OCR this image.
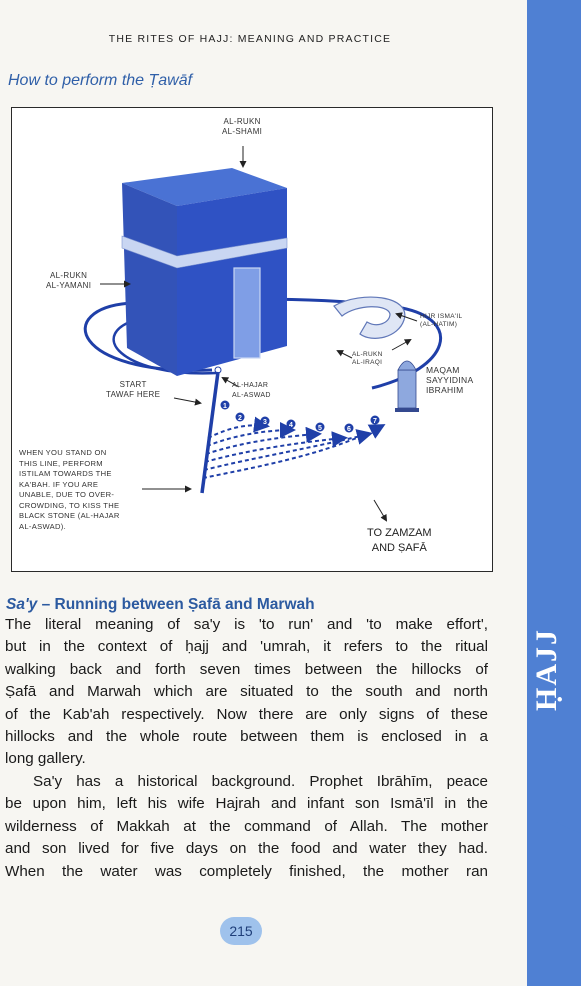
ḤAJJ
THE RITES OF HAJJ: MEANING AND PRACTICE
How to perform the Ṭawāf
1
2
3	4	5	6
7
AL-RUKN
AL-SHAMI
AL-RUKN
AL-YAMANI
HIJR ISMA'IL
(AL-HATIM)
AL-RUKN
AL-IRAQI
MAQAM
SAYYIDINA
IBRAHIM
START
TAWAF HERE
AL-HAJAR
AL-ASWAD
WHEN YOU STAND ON
THIS LINE, PERFORM
ISTILAM TOWARDS THE
KA'BAH. IF YOU ARE
UNABLE, DUE TO OVER-
CROWDING, TO KISS THE
BLACK STONE (AL-HAJAR
AL-ASWAD).
TO ZAMZAM
AND ṢAFĀ
Sa'y – Running between Ṣafā and Marwah
The literal meaning of sa'y is 'to run' and 'to make effort',
but in the context of ḥajj and 'umrah, it refers to the ritual
walking back and forth seven times between the hillocks of
Ṣafā and Marwah which are situated to the south and north
of the Kab'ah respectively. Now there are only signs of these
hillocks and the whole route between them is enclosed in a
long gallery.
Sa'y has a historical background. Prophet Ibrāhīm, peace
be upon him, left his wife Hajrah and infant son Ismā'īl in the
wilderness of Makkah at the command of Allah. The mother
and son lived for five days on the food and water they had.
When the water was completely finished, the mother ran
215
